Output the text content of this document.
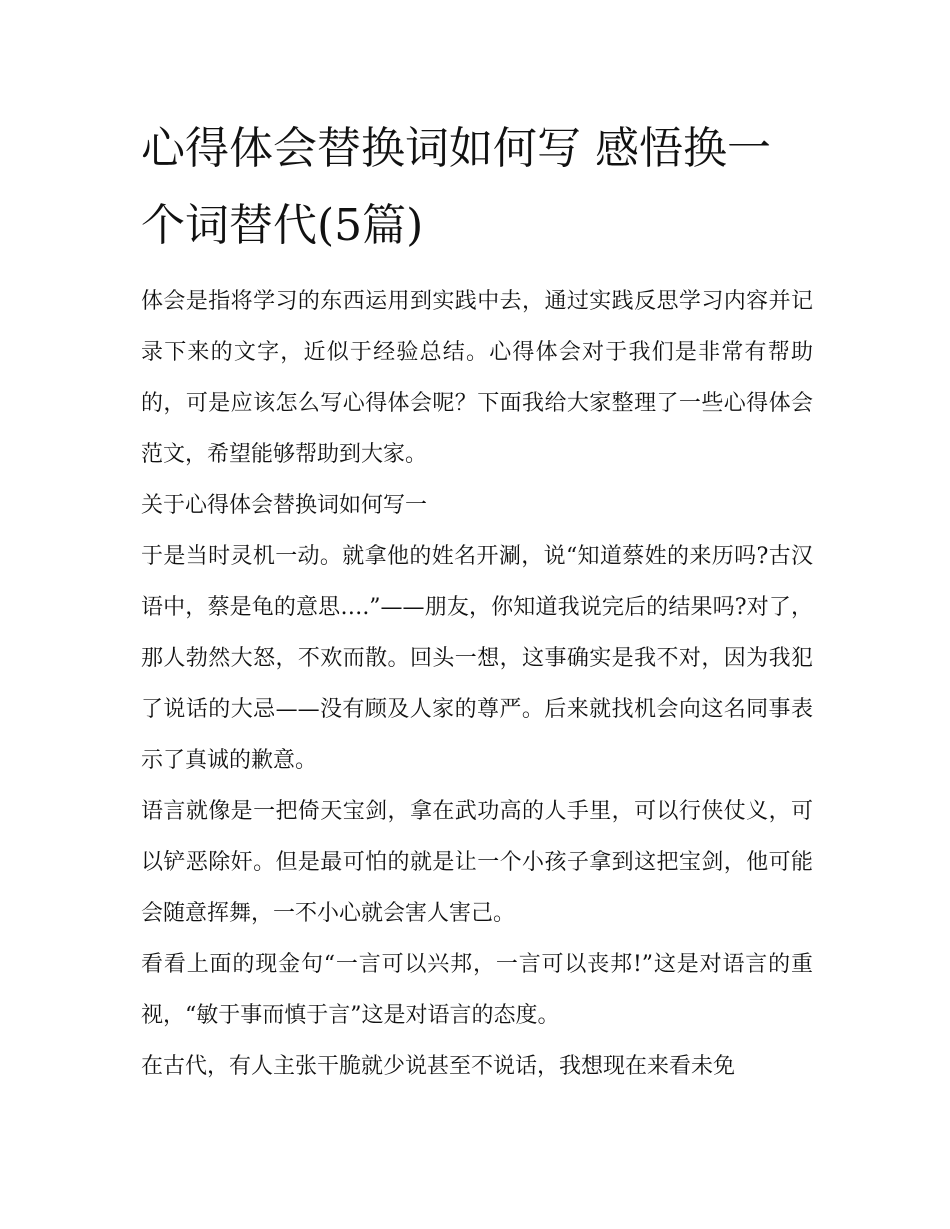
心得体会替换词如何写 感悟换一个词替代(5篇)

体会是指将学习的东西运用到实践中去，通过实践反思学习内容并记录下来的文字，近似于经验总结。心得体会对于我们是非常有帮助的，可是应该怎么写心得体会呢？下面我给大家整理了一些心得体会范文，希望能够帮助到大家。

关于心得体会替换词如何写一

于是当时灵机一动。就拿他的姓名开涮，说“知道蔡姓的来历吗?古汉语中，蔡是龟的意思….”——朋友，你知道我说完后的结果吗?对了，那人勃然大怒，不欢而散。回头一想，这事确实是我不对，因为我犯了说话的大忌——没有顾及人家的尊严。后来就找机会向这名同事表示了真诚的歉意。

语言就像是一把倚天宝剑，拿在武功高的人手里，可以行侠仗义，可以铲恶除奸。但是最可怕的就是让一个小孩子拿到这把宝剑，他可能会随意挥舞，一不小心就会害人害己。

看看上面的现金句“一言可以兴邦，一言可以丧邦!”这是对语言的重视，“敏于事而慎于言”这是对语言的态度。

在古代，有人主张干脆就少说甚至不说话，我想现在来看未免
